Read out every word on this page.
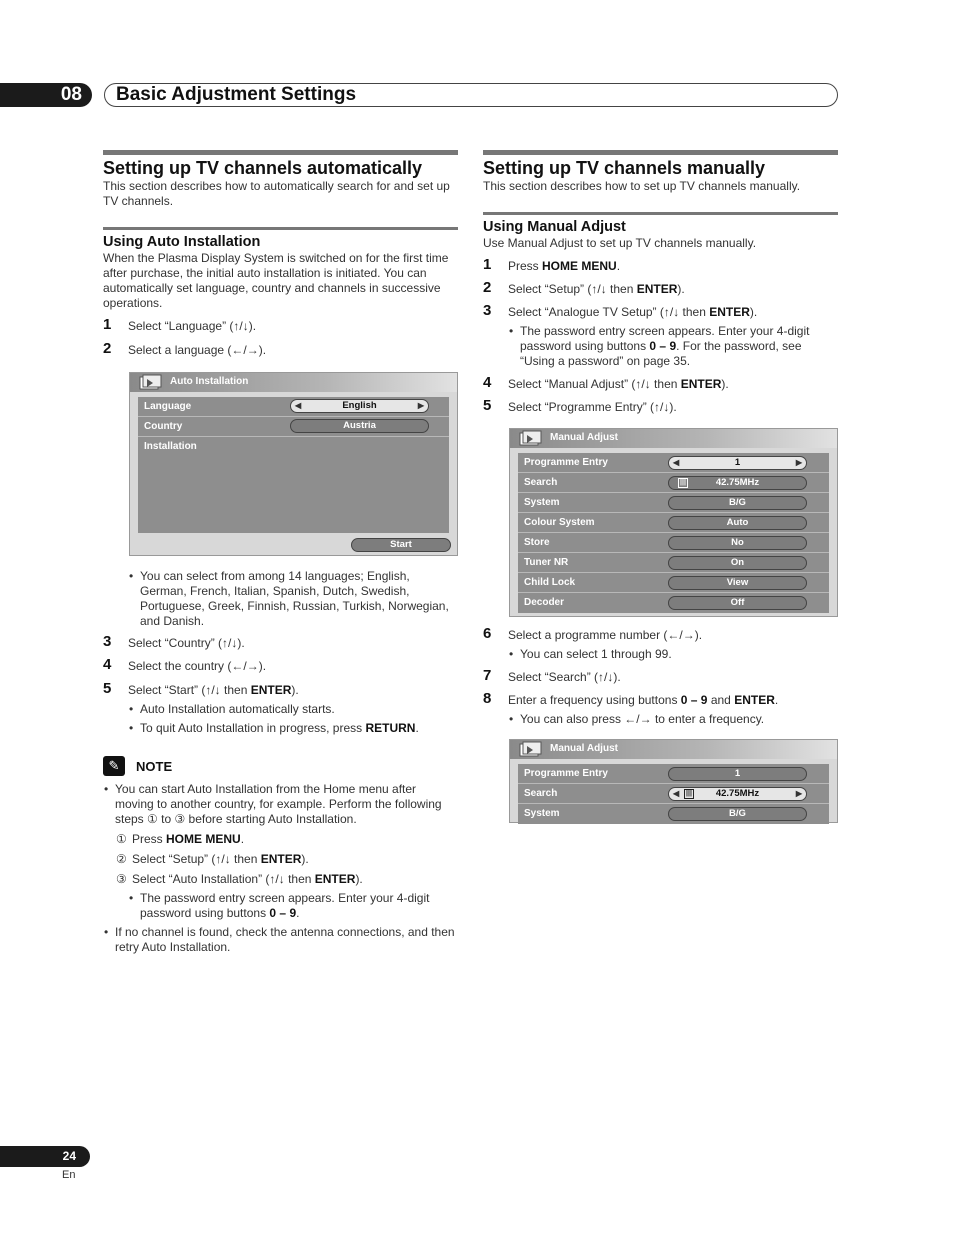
08	Basic Adjustment Settings
Setting up TV channels automatically
This section describes how to automatically search for and set up TV channels.
Using Auto Installation
When the Plasma Display System is switched on for the first time after purchase, the initial auto installation is initiated. You can automatically set language, country and channels in successive operations.
1 Select “Language” (↑/↓).
2 Select a language (←/→).
Auto Installation
Language	◀	English	▶
Country	Austria
Installation
Start
• You can select from among 14 languages; English, German, French, Italian, Spanish, Dutch, Swedish, Portuguese, Greek, Finnish, Russian, Turkish, Norwegian, and Danish.
3 Select “Country” (↑/↓).
4 Select the country (←/→).
5 Select “Start” (↑/↓ then ENTER).
• Auto Installation automatically starts.
• To quit Auto Installation in progress, press RETURN.
✎	NOTE
• You can start Auto Installation from the Home menu after moving to another country, for example. Perform the following steps ① to ③ before starting Auto Installation.
① Press HOME MENU.
② Select “Setup” (↑/↓ then ENTER).
③ Select “Auto Installation” (↑/↓ then ENTER).
• The password entry screen appears. Enter your 4-digit password using buttons 0 – 9.
• If no channel is found, check the antenna connections, and then retry Auto Installation.
Setting up TV channels manually
This section describes how to set up TV channels manually.
Using Manual Adjust
Use Manual Adjust to set up TV channels manually.
1 Press HOME MENU.
2 Select “Setup” (↑/↓ then ENTER).
3 Select “Analogue TV Setup” (↑/↓ then ENTER).
• The password entry screen appears. Enter your 4-digit password using buttons 0 – 9. For the password, see “Using a password” on page 35.
4 Select “Manual Adjust” (↑/↓ then ENTER).
5 Select “Programme Entry” (↑/↓).
Manual Adjust
Programme Entry	◀	1	▶
Search	|||	42.75MHz
System	B/G
Colour System	Auto
Store	No
Tuner NR	On
Child Lock	View
Decoder	Off
6 Select a programme number (←/→).
• You can select 1 through 99.
7 Select “Search” (↑/↓).
8 Enter a frequency using buttons 0 – 9 and ENTER.
• You can also press ←/→ to enter a frequency.
Manual Adjust
Programme Entry	1
Search	◀ |||	42.75MHz	▶
System	B/G
24
En
